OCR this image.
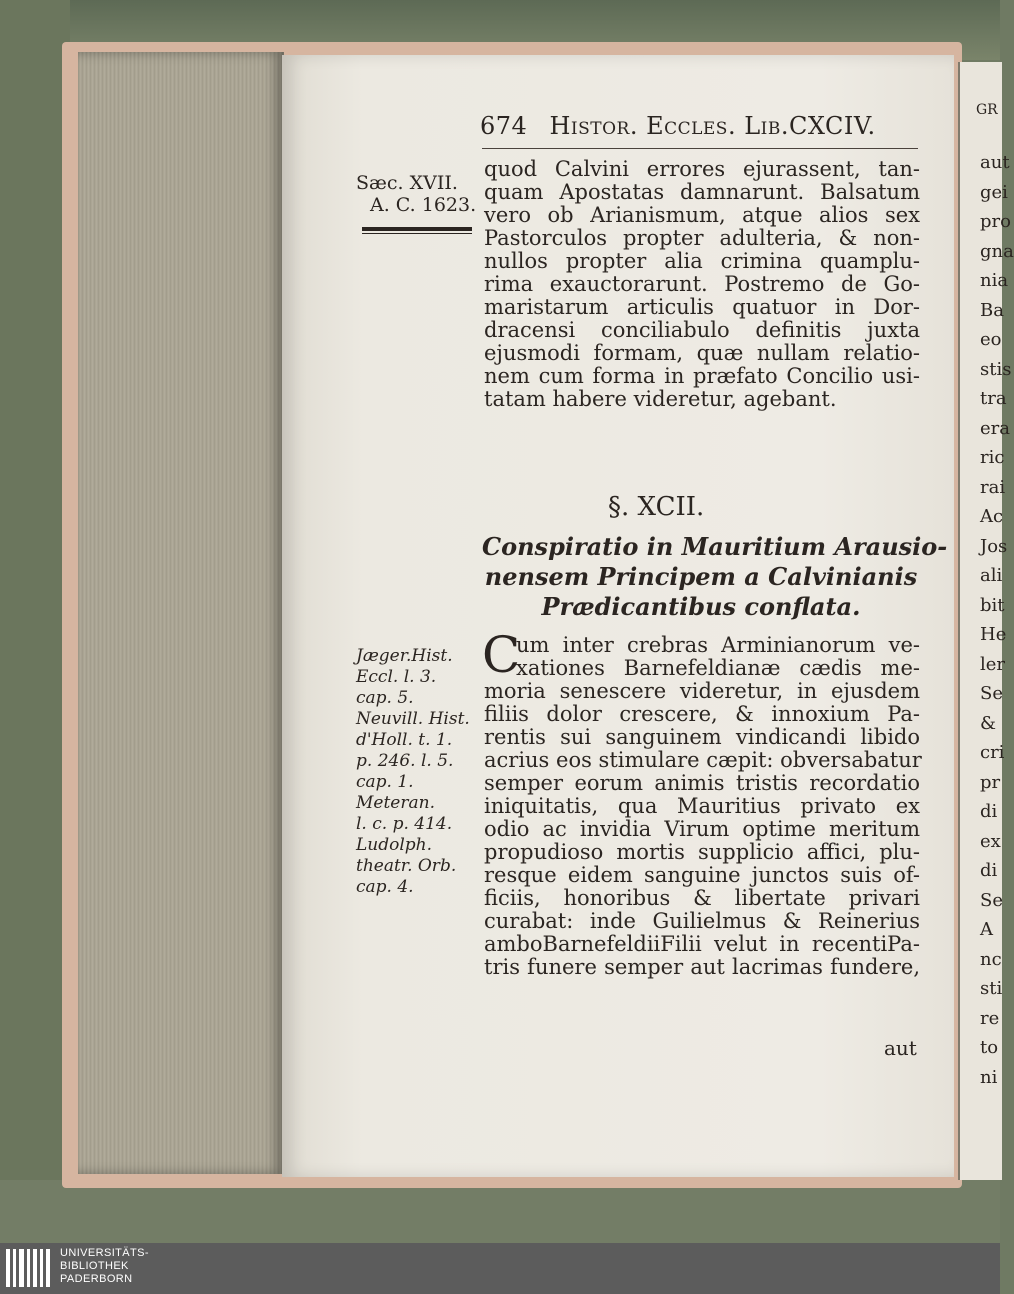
GR
aut
gei
pro
gna
nia
Ba
eo
stis
tra
era
ric
rai
Ac
Jos
ali
bit
He
ler
Se
&
cri
pr
di
ex
di
Se
A
nc
sti
re
to
ni
674 Histor. Eccles. Lib.CXCIV.
Sæc. XVII.
A. C. 1623.
quod Calvini errores ejurassent, tan-
quam Apostatas damnarunt. Balsatum
vero ob Arianismum, atque alios sex
Pastorculos propter adulteria, & non-
nullos propter alia crimina quamplu-
rima exauctorarunt. Postremo de Go-
maristarum articulis quatuor in Dor-
dracensi conciliabulo definitis juxta
ejusmodi formam, quæ nullam relatio-
nem cum forma in præfato Concilio usi-
tatam habere videretur, agebant.
§. XCII.
Conspiratio in Mauritium Arausio-
nensem Principem a Calvinianis
Prædicantibus conflata.
Jæger.Hist.
Eccl. l. 3.
cap. 5.
Neuvill. Hist.
d'Holl. t. 1.
p. 246. l. 5.
cap. 1.
Meteran.
l. c. p. 414.
Ludolph.
theatr. Orb.
cap. 4.
C
um inter crebras Arminianorum ve-
xationes Barnefeldianæ cædis me-
moria senescere videretur, in ejusdem
filiis dolor crescere, & innoxium Pa-
rentis sui sanguinem vindicandi libido
acrius eos stimulare cæpit: obversabatur
semper eorum animis tristis recordatio
iniquitatis, qua Mauritius privato ex
odio ac invidia Virum optime meritum
propudioso mortis supplicio affici, plu-
resque eidem sanguine junctos suis of-
ficiis, honoribus & libertate privari
curabat: inde Guilielmus & Reinerius
amboBarnefeldiiFilii velut in recentiPa-
tris funere semper aut lacrimas fundere,
aut
UNIVERSITÄTS-
BIBLIOTHEK
PADERBORN
